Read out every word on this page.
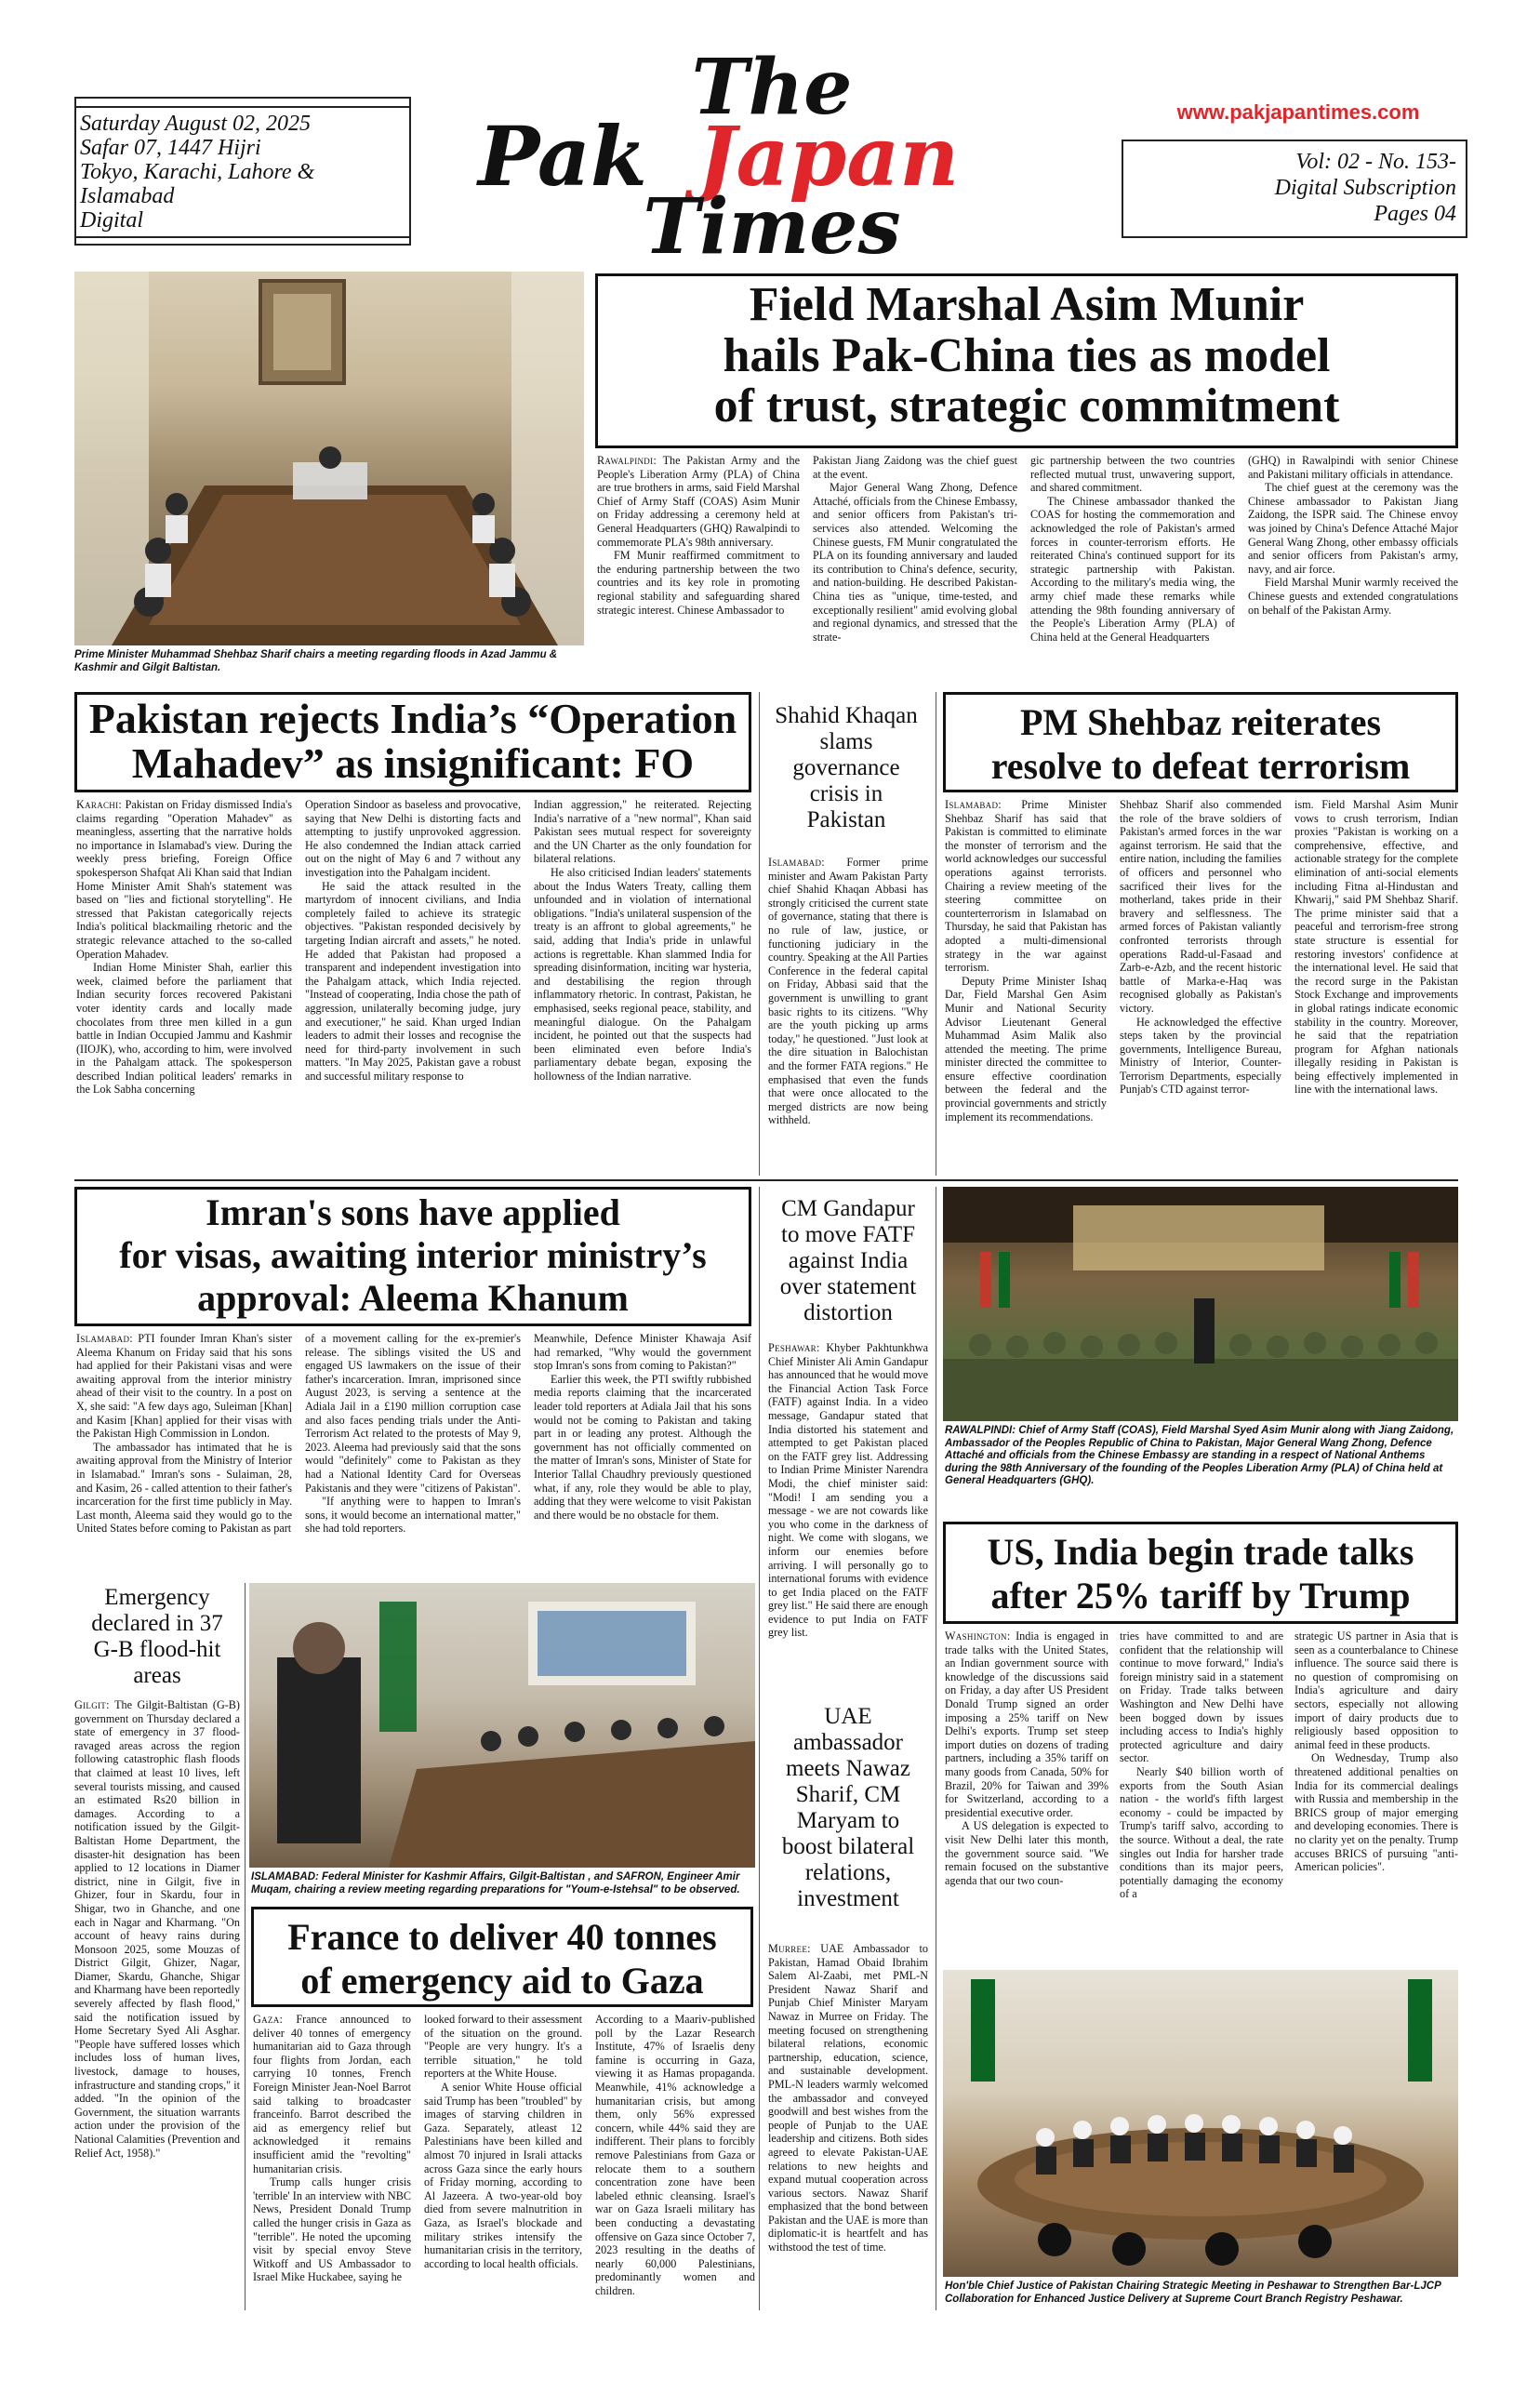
Saturday August 02, 2025
Safar 07, 1447 Hijri
Tokyo, Karachi, Lahore &
Islamabad
Digital
The
Pak Japan
Times
www.pakjapantimes.com
Vol: 02 - No. 153-
Digital Subscription
Pages 04
Prime Minister Muhammad Shehbaz Sharif chairs a meeting regarding floods in Azad Jammu & Kashmir and Gilgit Baltistan.
Field Marshal Asim Munir
hails Pak-China ties as model
of trust, strategic commitment

Rawalpindi: The Pakistan Army and the People's Liberation Army (PLA) of China are true brothers in arms, said Field Marshal Chief of Army Staff (COAS) Asim Munir on Friday addressing a ceremony held at General Headquarters (GHQ) Rawalpindi to commemorate PLA's 98th anniversary.

FM Munir reaffirmed commitment to the enduring partnership between the two countries and its key role in promoting regional stability and safeguarding shared strategic interest. Chinese Ambassador to

Pakistan Jiang Zaidong was the chief guest at the event.

Major General Wang Zhong, Defence Attaché, officials from the Chinese Embassy, and senior officers from Pakistan's tri-services also attended. Welcoming the Chinese guests, FM Munir congratulated the PLA on its founding anniversary and lauded its contribution to China's defence, security, and nation-building. He described Pakistan-China ties as "unique, time-tested, and exceptionally resilient" amid evolving global and regional dynamics, and stressed that the strate-

gic partnership between the two countries reflected mutual trust, unwavering support, and shared commitment.

The Chinese ambassador thanked the COAS for hosting the commemoration and acknowledged the role of Pakistan's armed forces in counter-terrorism efforts. He reiterated China's continued support for its strategic partnership with Pakistan. According to the military's media wing, the army chief made these remarks while attending the 98th founding anniversary of the People's Liberation Army (PLA) of China held at the General Headquarters

(GHQ) in Rawalpindi with senior Chinese and Pakistani military officials in attendance.

The chief guest at the ceremony was the Chinese ambassador to Pakistan Jiang Zaidong, the ISPR said. The Chinese envoy was joined by China's Defence Attaché Major General Wang Zhong, other embassy officials and senior officers from Pakistan's army, navy, and air force.

Field Marshal Munir warmly received the Chinese guests and extended congratulations on behalf of the Pakistan Army.

Pakistan rejects India’s “Operation
Mahadev” as insignificant: FO

Karachi: Pakistan on Friday dismissed India's claims regarding "Operation Mahadev" as meaningless, asserting that the narrative holds no importance in Islamabad's view. During the weekly press briefing, Foreign Office spokesperson Shafqat Ali Khan said that Indian Home Minister Amit Shah's statement was based on "lies and fictional storytelling". He stressed that Pakistan categorically rejects India's political blackmailing rhetoric and the strategic relevance attached to the so-called Operation Mahadev.

Indian Home Minister Shah, earlier this week, claimed before the parliament that Indian security forces recovered Pakistani voter identity cards and locally made chocolates from three men killed in a gun battle in Indian Occupied Jammu and Kashmir (IIOJK), who, according to him, were involved in the Pahalgam attack. The spokesperson described Indian political leaders' remarks in the Lok Sabha concerning

Operation Sindoor as baseless and provocative, saying that New Delhi is distorting facts and attempting to justify unprovoked aggression. He also condemned the Indian attack carried out on the night of May 6 and 7 without any investigation into the Pahalgam incident.

He said the attack resulted in the martyrdom of innocent civilians, and India completely failed to achieve its strategic objectives. "Pakistan responded decisively by targeting Indian aircraft and assets," he noted. He added that Pakistan had proposed a transparent and independent investigation into the Pahalgam attack, which India rejected. "Instead of cooperating, India chose the path of aggression, unilaterally becoming judge, jury and executioner," he said. Khan urged Indian leaders to admit their losses and recognise the need for third-party involvement in such matters. "In May 2025, Pakistan gave a robust and successful military response to

Indian aggression," he reiterated. Rejecting India's narrative of a "new normal", Khan said Pakistan sees mutual respect for sovereignty and the UN Charter as the only foundation for bilateral relations.

He also criticised Indian leaders' statements about the Indus Waters Treaty, calling them unfounded and in violation of international obligations. "India's unilateral suspension of the treaty is an affront to global agreements," he said, adding that India's pride in unlawful actions is regrettable. Khan slammed India for spreading disinformation, inciting war hysteria, and destabilising the region through inflammatory rhetoric. In contrast, Pakistan, he emphasised, seeks regional peace, stability, and meaningful dialogue. On the Pahalgam incident, he pointed out that the suspects had been eliminated even before India's parliamentary debate began, exposing the hollowness of the Indian narrative.

Shahid Khaqan
slams
governance
crisis in
Pakistan

Islamabad: Former prime minister and Awam Pakistan Party chief Shahid Khaqan Abbasi has strongly criticised the current state of governance, stating that there is no rule of law, justice, or functioning judiciary in the country. Speaking at the All Parties Conference in the federal capital on Friday, Abbasi said that the government is unwilling to grant basic rights to its citizens. "Why are the youth picking up arms today," he questioned. "Just look at the dire situation in Balochistan and the former FATA regions." He emphasised that even the funds that were once allocated to the merged districts are now being withheld.

PM Shehbaz reiterates
resolve to defeat terrorism

Islamabad: Prime Minister Shehbaz Sharif has said that Pakistan is committed to eliminate the monster of terrorism and the world acknowledges our successful operations against terrorists. Chairing a review meeting of the steering committee on counterterrorism in Islamabad on Thursday, he said that Pakistan has adopted a multi-dimensional strategy in the war against terrorism.

Deputy Prime Minister Ishaq Dar, Field Marshal Gen Asim Munir and National Security Advisor Lieutenant General Muhammad Asim Malik also attended the meeting. The prime minister directed the committee to ensure effective coordination between the federal and the provincial governments and strictly implement its recommendations.

Shehbaz Sharif also commended the role of the brave soldiers of Pakistan's armed forces in the war against terrorism. He said that the entire nation, including the families of officers and personnel who sacrificed their lives for the motherland, takes pride in their bravery and selflessness. The armed forces of Pakistan valiantly confronted terrorists through operations Radd-ul-Fasaad and Zarb-e-Azb, and the recent historic battle of Marka-e-Haq was recognised globally as Pakistan's victory.

He acknowledged the effective steps taken by the provincial governments, Intelligence Bureau, Ministry of Interior, Counter-Terrorism Departments, especially Punjab's CTD against terror-

ism. Field Marshal Asim Munir vows to crush terrorism, Indian proxies "Pakistan is working on a comprehensive, effective, and actionable strategy for the complete elimination of anti-social elements including Fitna al-Hindustan and Khwarij," said PM Shehbaz Sharif. The prime minister said that a peaceful and terrorism-free strong state structure is essential for restoring investors' confidence at the international level. He said that the record surge in the Pakistan Stock Exchange and improvements in global ratings indicate economic stability in the country. Moreover, he said that the repatriation program for Afghan nationals illegally residing in Pakistan is being effectively implemented in line with the international laws.

Imran's sons have applied
for visas, awaiting interior ministry’s
approval: Aleema Khanum

Islamabad: PTI founder Imran Khan's sister Aleema Khanum on Friday said that his sons had applied for their Pakistani visas and were awaiting approval from the interior ministry ahead of their visit to the country. In a post on X, she said: "A few days ago, Suleiman [Khan] and Kasim [Khan] applied for their visas with the Pakistan High Commission in London.

The ambassador has intimated that he is awaiting approval from the Ministry of Interior in Islamabad." Imran's sons - Sulaiman, 28, and Kasim, 26 - called attention to their father's incarceration for the first time publicly in May. Last month, Aleema said they would go to the United States before coming to Pakistan as part

of a movement calling for the ex-premier's release. The siblings visited the US and engaged US lawmakers on the issue of their father's incarceration. Imran, imprisoned since August 2023, is serving a sentence at the Adiala Jail in a £190 million corruption case and also faces pending trials under the Anti-Terrorism Act related to the protests of May 9, 2023. Aleema had previously said that the sons would "definitely" come to Pakistan as they had a National Identity Card for Overseas Pakistanis and they were "citizens of Pakistan".

"If anything were to happen to Imran's sons, it would become an international matter," she had told reporters.

Meanwhile, Defence Minister Khawaja Asif had remarked, "Why would the government stop Imran's sons from coming to Pakistan?"

Earlier this week, the PTI swiftly rubbished media reports claiming that the incarcerated leader told reporters at Adiala Jail that his sons would not be coming to Pakistan and taking part in or leading any protest. Although the government has not officially commented on the matter of Imran's sons, Minister of State for Interior Tallal Chaudhry previously questioned what, if any, role they would be able to play, adding that they were welcome to visit Pakistan and there would be no obstacle for them.

CM Gandapur
to move FATF
against India
over statement
distortion

Peshawar: Khyber Pakhtunkhwa Chief Minister Ali Amin Gandapur has announced that he would move the Financial Action Task Force (FATF) against India. In a video message, Gandapur stated that India distorted his statement and attempted to get Pakistan placed on the FATF grey list. Addressing to Indian Prime Minister Narendra Modi, the chief minister said: "Modi! I am sending you a message - we are not cowards like you who come in the darkness of night. We come with slogans, we inform our enemies before arriving. I will personally go to international forums with evidence to get India placed on the FATF grey list." He said there are enough evidence to put India on FATF grey list.

RAWALPINDI: Chief of Army Staff (COAS), Field Marshal Syed Asim Munir along with Jiang Zaidong, Ambassador of the Peoples Republic of China to Pakistan, Major General Wang Zhong, Defence Attaché and officials from the Chinese Embassy are standing in a respect of National Anthems during the 98th Anniversary of the founding of the Peoples Liberation Army (PLA) of China held at General Headquarters (GHQ).
US, India begin trade talks
after 25% tariff by Trump

Washington: India is engaged in trade talks with the United States, an Indian government source with knowledge of the discussions said on Friday, a day after US President Donald Trump signed an order imposing a 25% tariff on New Delhi's exports. Trump set steep import duties on dozens of trading partners, including a 35% tariff on many goods from Canada, 50% for Brazil, 20% for Taiwan and 39% for Switzerland, according to a presidential executive order.

A US delegation is expected to visit New Delhi later this month, the government source said. "We remain focused on the substantive agenda that our two coun-

tries have committed to and are confident that the relationship will continue to move forward," India's foreign ministry said in a statement on Friday. Trade talks between Washington and New Delhi have been bogged down by issues including access to India's highly protected agriculture and dairy sector.

Nearly $40 billion worth of exports from the South Asian nation - the world's fifth largest economy - could be impacted by Trump's tariff salvo, according to the source. Without a deal, the rate singles out India for harsher trade conditions than its major peers, potentially damaging the economy of a

strategic US partner in Asia that is seen as a counterbalance to Chinese influence. The source said there is no question of compromising on India's agriculture and dairy sectors, especially not allowing import of dairy products due to religiously based opposition to animal feed in these products.

On Wednesday, Trump also threatened additional penalties on India for its commercial dealings with Russia and membership in the BRICS group of major emerging and developing economies. There is no clarity yet on the penalty. Trump accuses BRICS of pursuing "anti-American policies".

Emergency
declared in 37
G-B flood-hit
areas

Gilgit: The Gilgit-Baltistan (G-B) government on Thursday declared a state of emergency in 37 flood-ravaged areas across the region following catastrophic flash floods that claimed at least 10 lives, left several tourists missing, and caused an estimated Rs20 billion in damages. According to a notification issued by the Gilgit-Baltistan Home Department, the disaster-hit designation has been applied to 12 locations in Diamer district, nine in Gilgit, five in Ghizer, four in Skardu, four in Shigar, two in Ghanche, and one each in Nagar and Kharmang. "On account of heavy rains during Monsoon 2025, some Mouzas of District Gilgit, Ghizer, Nagar, Diamer, Skardu, Ghanche, Shigar and Kharmang have been reportedly severely affected by flash flood," said the notification issued by Home Secretary Syed Ali Asghar. "People have suffered losses which includes loss of human lives, livestock, damage to houses, infrastructure and standing crops," it added. "In the opinion of the Government, the situation warrants action under the provision of the National Calamities (Prevention and Relief Act, 1958)."

ISLAMABAD: Federal Minister for Kashmir Affairs, Gilgit-Baltistan , and SAFRON, Engineer Amir Muqam, chairing a review meeting regarding preparations for "Youm-e-Istehsal" to be observed.
France to deliver 40 tonnes
of emergency aid to Gaza

Gaza: France announced to deliver 40 tonnes of emergency humanitarian aid to Gaza through four flights from Jordan, each carrying 10 tonnes, French Foreign Minister Jean-Noel Barrot said talking to broadcaster franceinfo. Barrot described the aid as emergency relief but acknowledged it remains insufficient amid the "revolting" humanitarian crisis.

Trump calls hunger crisis 'terrible' In an interview with NBC News, President Donald Trump called the hunger crisis in Gaza as "terrible". He noted the upcoming visit by special envoy Steve Witkoff and US Ambassador to Israel Mike Huckabee, saying he

looked forward to their assessment of the situation on the ground. "People are very hungry. It's a terrible situation," he told reporters at the White House.

A senior White House official said Trump has been "troubled" by images of starving children in Gaza. Separately, atleast 12 Palestinians have been killed and almost 70 injured in Israli attacks across Gaza since the early hours of Friday morning, according to Al Jazeera. A two-year-old boy died from severe malnutrition in Gaza, as Israel's blockade and military strikes intensify the humanitarian crisis in the territory, according to local health officials.

According to a Maariv-published poll by the Lazar Research Institute, 47% of Israelis deny famine is occurring in Gaza, viewing it as Hamas propaganda. Meanwhile, 41% acknowledge a humanitarian crisis, but among them, only 56% expressed concern, while 44% said they are indifferent. Their plans to forcibly remove Palestinians from Gaza or relocate them to a southern concentration zone have been labeled ethnic cleansing. Israel's war on Gaza Israeli military has been conducting a devastating offensive on Gaza since October 7, 2023 resulting in the deaths of nearly 60,000 Palestinians, predominantly women and children.

UAE
ambassador
meets Nawaz
Sharif, CM
Maryam to
boost bilateral
relations,
investment

Murree: UAE Ambassador to Pakistan, Hamad Obaid Ibrahim Salem Al-Zaabi, met PML-N President Nawaz Sharif and Punjab Chief Minister Maryam Nawaz in Murree on Friday. The meeting focused on strengthening bilateral relations, economic partnership, education, science, and sustainable development. PML-N leaders warmly welcomed the ambassador and conveyed goodwill and best wishes from the people of Punjab to the UAE leadership and citizens. Both sides agreed to elevate Pakistan-UAE relations to new heights and expand mutual cooperation across various sectors. Nawaz Sharif emphasized that the bond between Pakistan and the UAE is more than diplomatic-it is heartfelt and has withstood the test of time.

Hon'ble Chief Justice of Pakistan Chairing Strategic Meeting in Peshawar to Strengthen Bar-LJCP Collaboration for Enhanced Justice Delivery at Supreme Court Branch Registry Peshawar.
